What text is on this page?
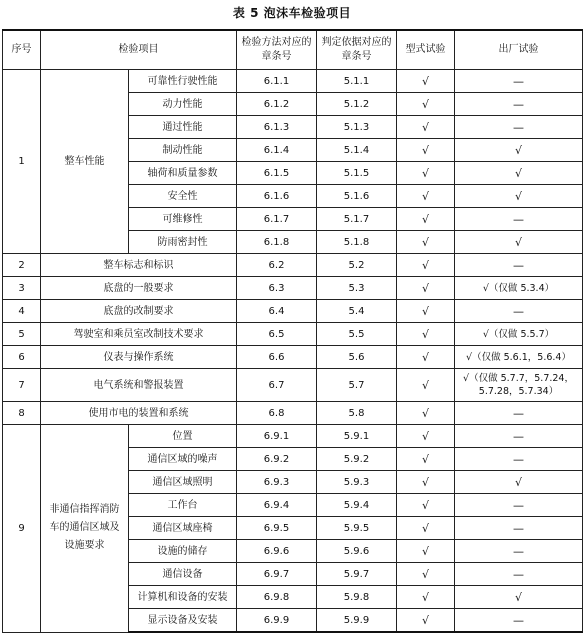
表 5 泡沫车检验项目
序号	检验项目		检验方法对应的章条号	判定依据对应的章条号	型式试验	出厂试验
1	整车性能	可靠性行驶性能	6.1.1	5.1.1	√	—
		动力性能	6.1.2	5.1.2	√	—
		通过性能	6.1.3	5.1.3	√	—
		制动性能	6.1.4	5.1.4	√	√
		轴荷和质量参数	6.1.5	5.1.5	√	√
		安全性	6.1.6	5.1.6	√	√
		可维修性	6.1.7	5.1.7	√	—
		防雨密封性	6.1.8	5.1.8	√	√
2	整车标志和标识		6.2	5.2	√	—
3	底盘的一般要求		6.3	5.3	√	√（仅做 5.3.4）
4	底盘的改制要求		6.4	5.4	√	—
5	驾驶室和乘员室改制技术要求		6.5	5.5	√	√（仅做 5.5.7）
6	仪表与操作系统		6.6	5.6	√	√（仅做 5.6.1，5.6.4）
7	电气系统和警报装置		6.7	5.7	√	√（仅做 5.7.7，5.7.24，
5.7.28，5.7.34）

8	使用市电的装置和系统		6.8	5.8	√	—
9	非通信指挥消防车的通信区域及设施要求	位置	6.9.1	5.9.1	√	—
		通信区域的噪声	6.9.2	5.9.2	√	—
		通信区域照明	6.9.3	5.9.3	√	√
		工作台	6.9.4	5.9.4	√	—
		通信区域座椅	6.9.5	5.9.5	√	—
		设施的储存	6.9.6	5.9.6	√	—
		通信设备	6.9.7	5.9.7	√	—
		计算机和设备的安装	6.9.8	5.9.8	√	√
		显示设备及安装	6.9.9	5.9.9	√	—
